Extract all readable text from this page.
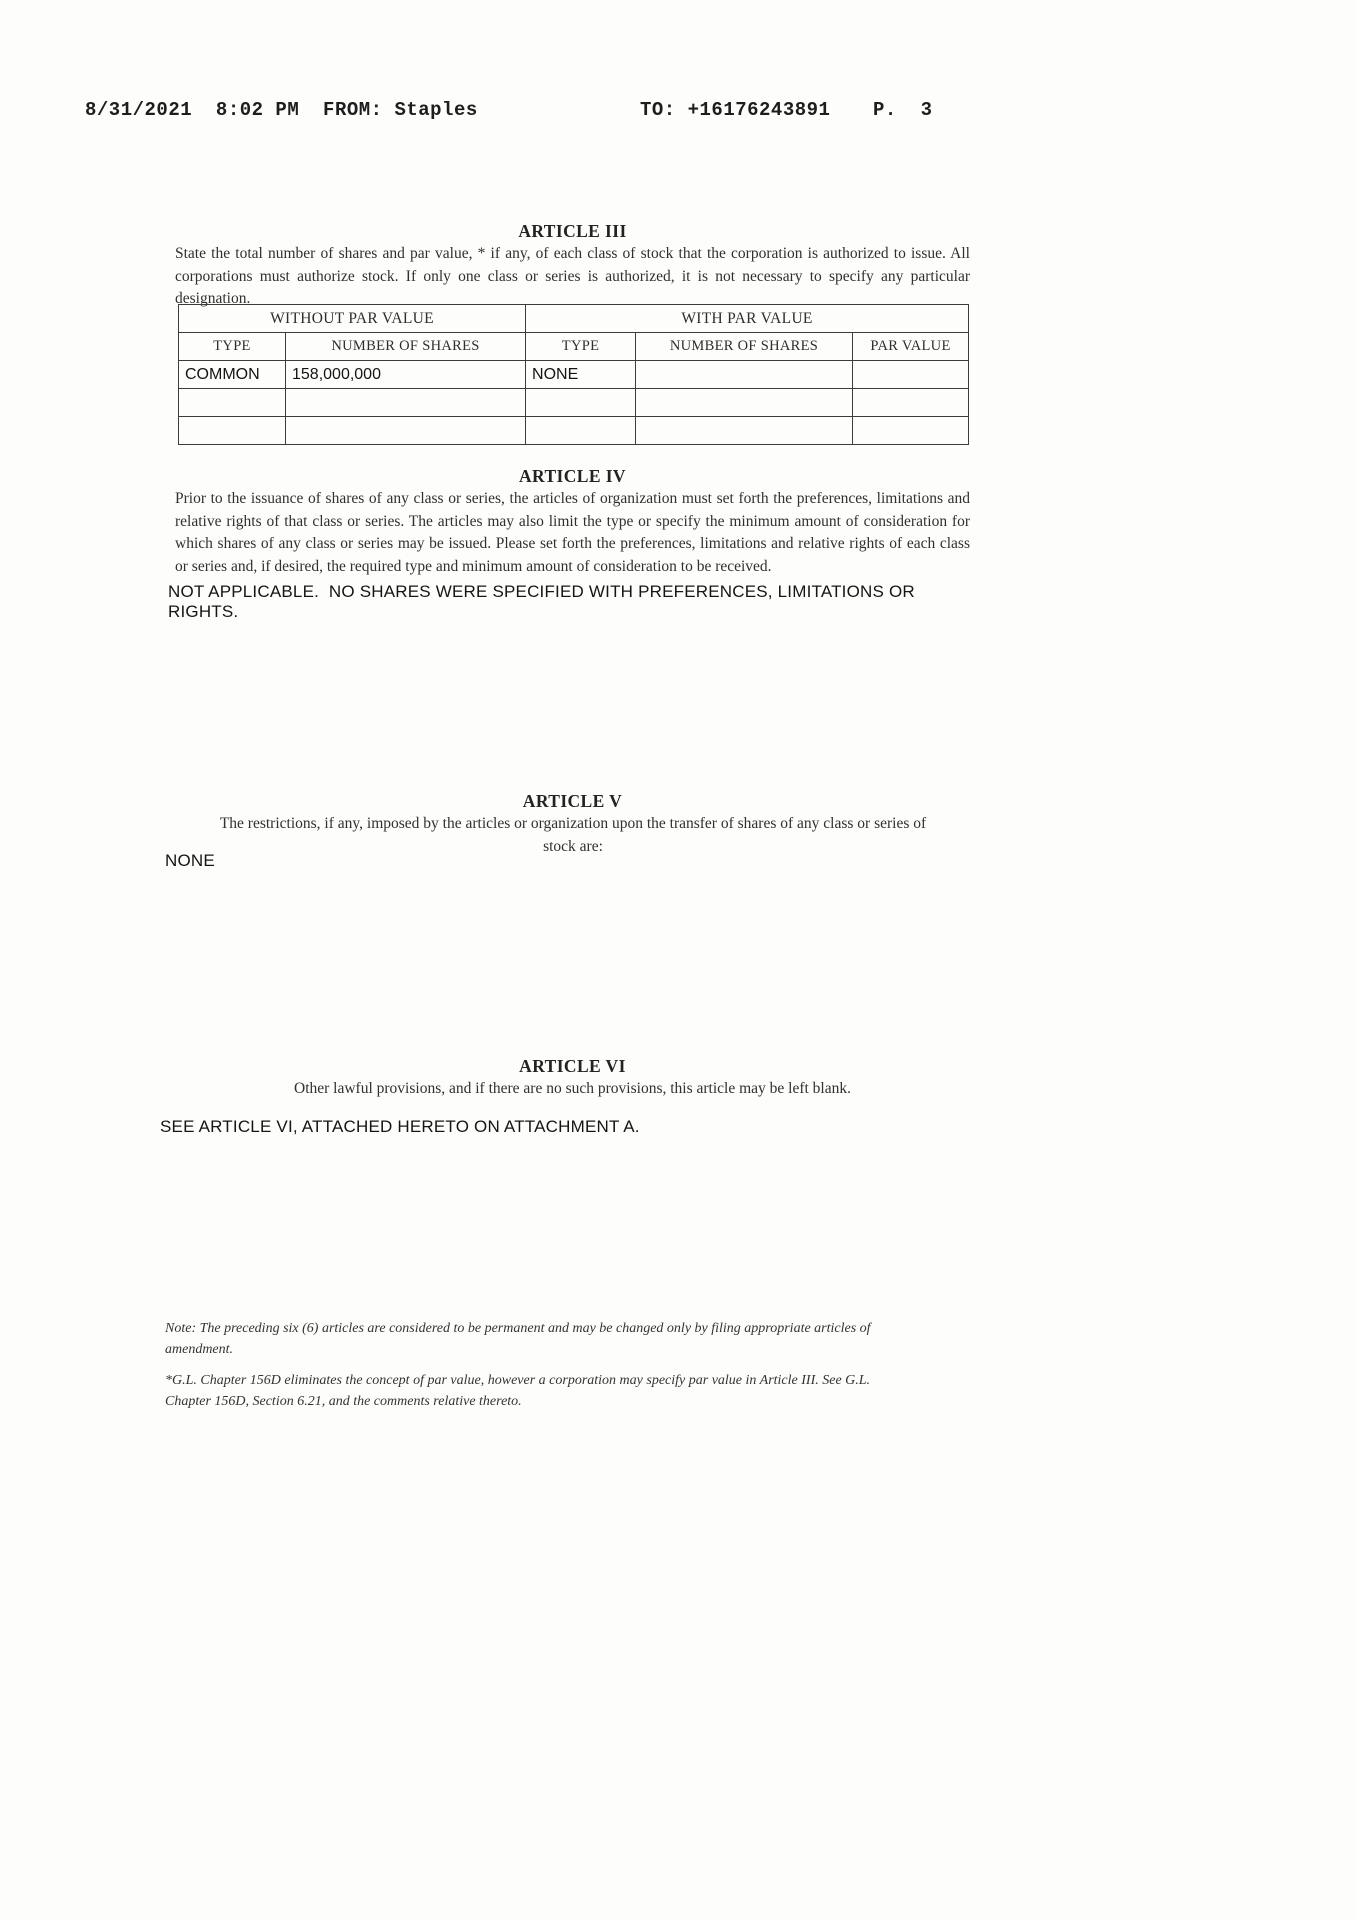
8/31/2021  8:02 PM  FROM: Staples	TO: +16176243891 P.  3
ARTICLE III
State the total number of shares and par value, * if any, of each class of stock that the corporation is authorized to issue. All corporations must authorize stock. If only one class or series is authorized, it is not necessary to specify any particular designation.
WITHOUT PAR VALUE		WITH PAR VALUE		
TYPE	NUMBER OF SHARES	TYPE	NUMBER OF SHARES	PAR VALUE
COMMON	158,000,000	NONE		

ARTICLE IV
Prior to the issuance of shares of any class or series, the articles of organization must set forth the preferences, limitations and relative rights of that class or series. The articles may also limit the type or specify the minimum amount of consideration for which shares of any class or series may be issued. Please set forth the preferences, limitations and relative rights of each class or series and, if desired, the required type and minimum amount of consideration to be received.
NOT APPLICABLE.  NO SHARES WERE SPECIFIED WITH PREFERENCES, LIMITATIONS OR RIGHTS.
ARTICLE V
The restrictions, if any, imposed by the articles or organization upon the transfer of shares of any class or series of stock are:
NONE
ARTICLE VI
Other lawful provisions, and if there are no such provisions, this article may be left blank.
SEE ARTICLE VI, ATTACHED HERETO ON ATTACHMENT A.
Note: The preceding six (6) articles are considered to be permanent and may be changed only by filing appropriate articles of amendment.
*G.L. Chapter 156D eliminates the concept of par value, however a corporation may specify par value in Article III. See G.L. Chapter 156D, Section 6.21, and the comments relative thereto.
